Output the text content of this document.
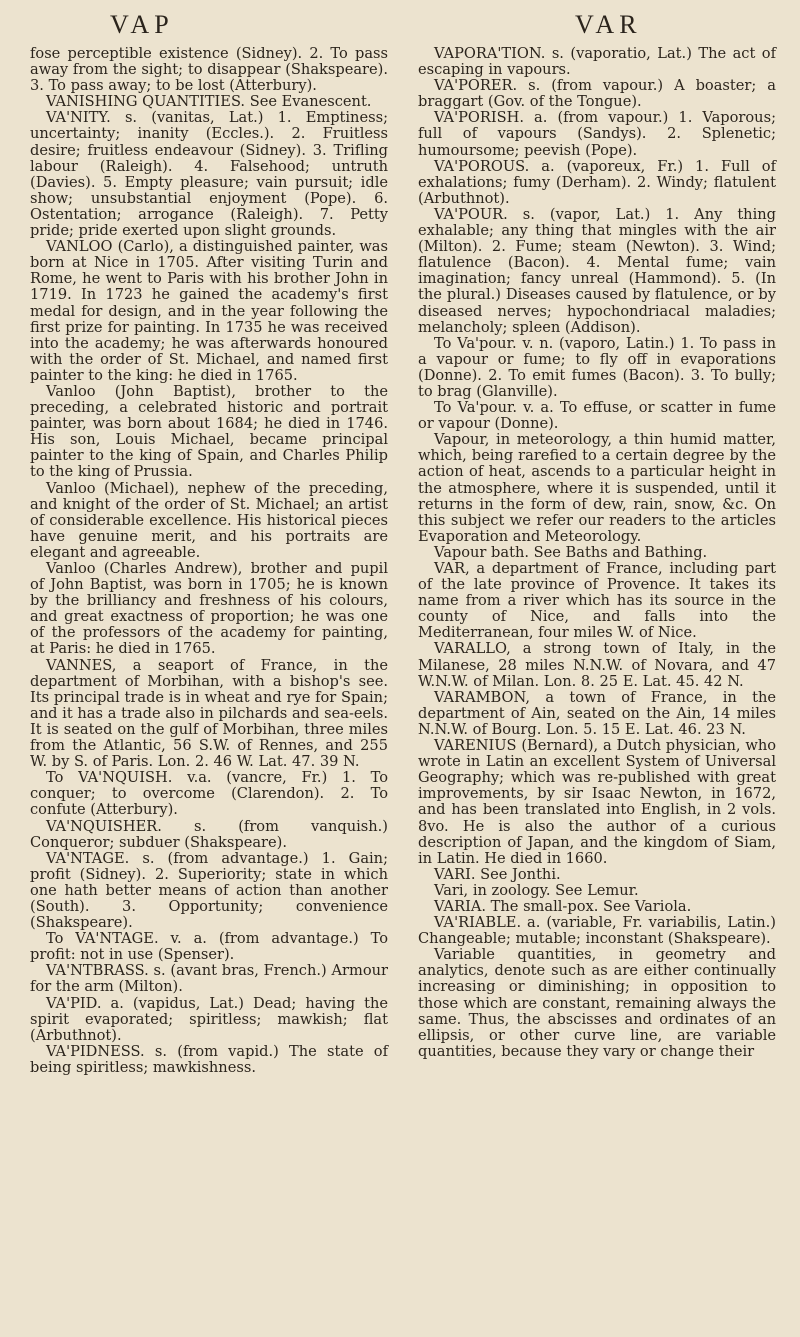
VAP	VAR

fose perceptible existence (Sidney). 2. To pass away from the sight; to disappear (Shakspeare). 3. To pass away; to be lost (Atterbury).

VANISHING QUANTITIES. See Evanescent.

VA'NITY. s. (vanitas, Lat.) 1. Emptiness; uncertainty; inanity (Eccles.). 2. Fruitless desire; fruitless endeavour (Sidney). 3. Trifling labour (Raleigh). 4. Falsehood; untruth (Davies). 5. Empty pleasure; vain pursuit; idle show; unsubstantial enjoyment (Pope). 6. Ostentation; arrogance (Raleigh). 7. Petty pride; pride exerted upon slight grounds.

VANLOO (Carlo), a distinguished painter, was born at Nice in 1705. After visiting Turin and Rome, he went to Paris with his brother John in 1719. In 1723 he gained the academy's first medal for design, and in the year following the first prize for painting. In 1735 he was received into the academy; he was afterwards honoured with the order of St. Michael, and named first painter to the king: he died in 1765.

Vanloo (John Baptist), brother to the preceding, a celebrated historic and portrait painter, was born about 1684; he died in 1746. His son, Louis Michael, became principal painter to the king of Spain, and Charles Philip to the king of Prussia.

Vanloo (Michael), nephew of the preceding, and knight of the order of St. Michael; an artist of considerable excellence. His historical pieces have genuine merit, and his portraits are elegant and agreeable.

Vanloo (Charles Andrew), brother and pupil of John Baptist, was born in 1705; he is known by the brilliancy and freshness of his colours, and great exactness of proportion; he was one of the professors of the academy for painting, at Paris: he died in 1765.

VANNES, a seaport of France, in the department of Morbihan, with a bishop's see. Its principal trade is in wheat and rye for Spain; and it has a trade also in pilchards and sea-eels. It is seated on the gulf of Morbihan, three miles from the Atlantic, 56 S.W. of Rennes, and 255 W. by S. of Paris. Lon. 2. 46 W. Lat. 47. 39 N.

To VA'NQUISH. v.a. (vancre, Fr.) 1. To conquer; to overcome (Clarendon). 2. To confute (Atterbury).

VA'NQUISHER. s. (from vanquish.) Conqueror; subduer (Shakspeare).

VA'NTAGE. s. (from advantage.) 1. Gain; profit (Sidney). 2. Superiority; state in which one hath better means of action than another (South). 3. Opportunity; convenience (Shakspeare).

To VA'NTAGE. v. a. (from advantage.) To profit: not in use (Spenser).

VA'NTBRASS. s. (avant bras, French.) Armour for the arm (Milton).

VA'PID. a. (vapidus, Lat.) Dead; having the spirit evaporated; spiritless; mawkish; flat (Arbuthnot).

VA'PIDNESS. s. (from vapid.) The state of being spiritless; mawkishness.

VAPORA'TION. s. (vaporatio, Lat.) The act of escaping in vapours.

VA'PORER. s. (from vapour.) A boaster; a braggart (Gov. of the Tongue).

VA'PORISH. a. (from vapour.) 1. Vaporous; full of vapours (Sandys). 2. Splenetic; humoursome; peevish (Pope).

VA'POROUS. a. (vaporeux, Fr.) 1. Full of exhalations; fumy (Derham). 2. Windy; flatulent (Arbuthnot).

VA'POUR. s. (vapor, Lat.) 1. Any thing exhalable; any thing that mingles with the air (Milton). 2. Fume; steam (Newton). 3. Wind; flatulence (Bacon). 4. Mental fume; vain imagination; fancy unreal (Hammond). 5. (In the plural.) Diseases caused by flatulence, or by diseased nerves; hypochondriacal maladies; melancholy; spleen (Addison).

To Va'pour. v. n. (vaporo, Latin.) 1. To pass in a vapour or fume; to fly off in evaporations (Donne). 2. To emit fumes (Bacon). 3. To bully; to brag (Glanville).

To Va'pour. v. a. To effuse, or scatter in fume or vapour (Donne).

Vapour, in meteorology, a thin humid matter, which, being rarefied to a certain degree by the action of heat, ascends to a particular height in the atmosphere, where it is suspended, until it returns in the form of dew, rain, snow, &c. On this subject we refer our readers to the articles Evaporation and Meteorology.

Vapour bath. See Baths and Bathing.

VAR, a department of France, including part of the late province of Provence. It takes its name from a river which has its source in the county of Nice, and falls into the Mediterranean, four miles W. of Nice.

VARALLO, a strong town of Italy, in the Milanese, 28 miles N.N.W. of Novara, and 47 W.N.W. of Milan. Lon. 8. 25 E. Lat. 45. 42 N.

VARAMBON, a town of France, in the department of Ain, seated on the Ain, 14 miles N.N.W. of Bourg. Lon. 5. 15 E. Lat. 46. 23 N.

VARENIUS (Bernard), a Dutch physician, who wrote in Latin an excellent System of Universal Geography; which was re-published with great improvements, by sir Isaac Newton, in 1672, and has been translated into English, in 2 vols. 8vo. He is also the author of a curious description of Japan, and the kingdom of Siam, in Latin. He died in 1660.

VARI. See Jonthi.

Vari, in zoology. See Lemur.

VARIA. The small-pox. See Variola.

VA'RIABLE. a. (variable, Fr. variabilis, Latin.) Changeable; mutable; inconstant (Shakspeare).

Variable quantities, in geometry and analytics, denote such as are either continually increasing or diminishing; in opposition to those which are constant, remaining always the same. Thus, the abscisses and ordinates of an ellipsis, or other curve line, are variable quantities, because they vary or change their
